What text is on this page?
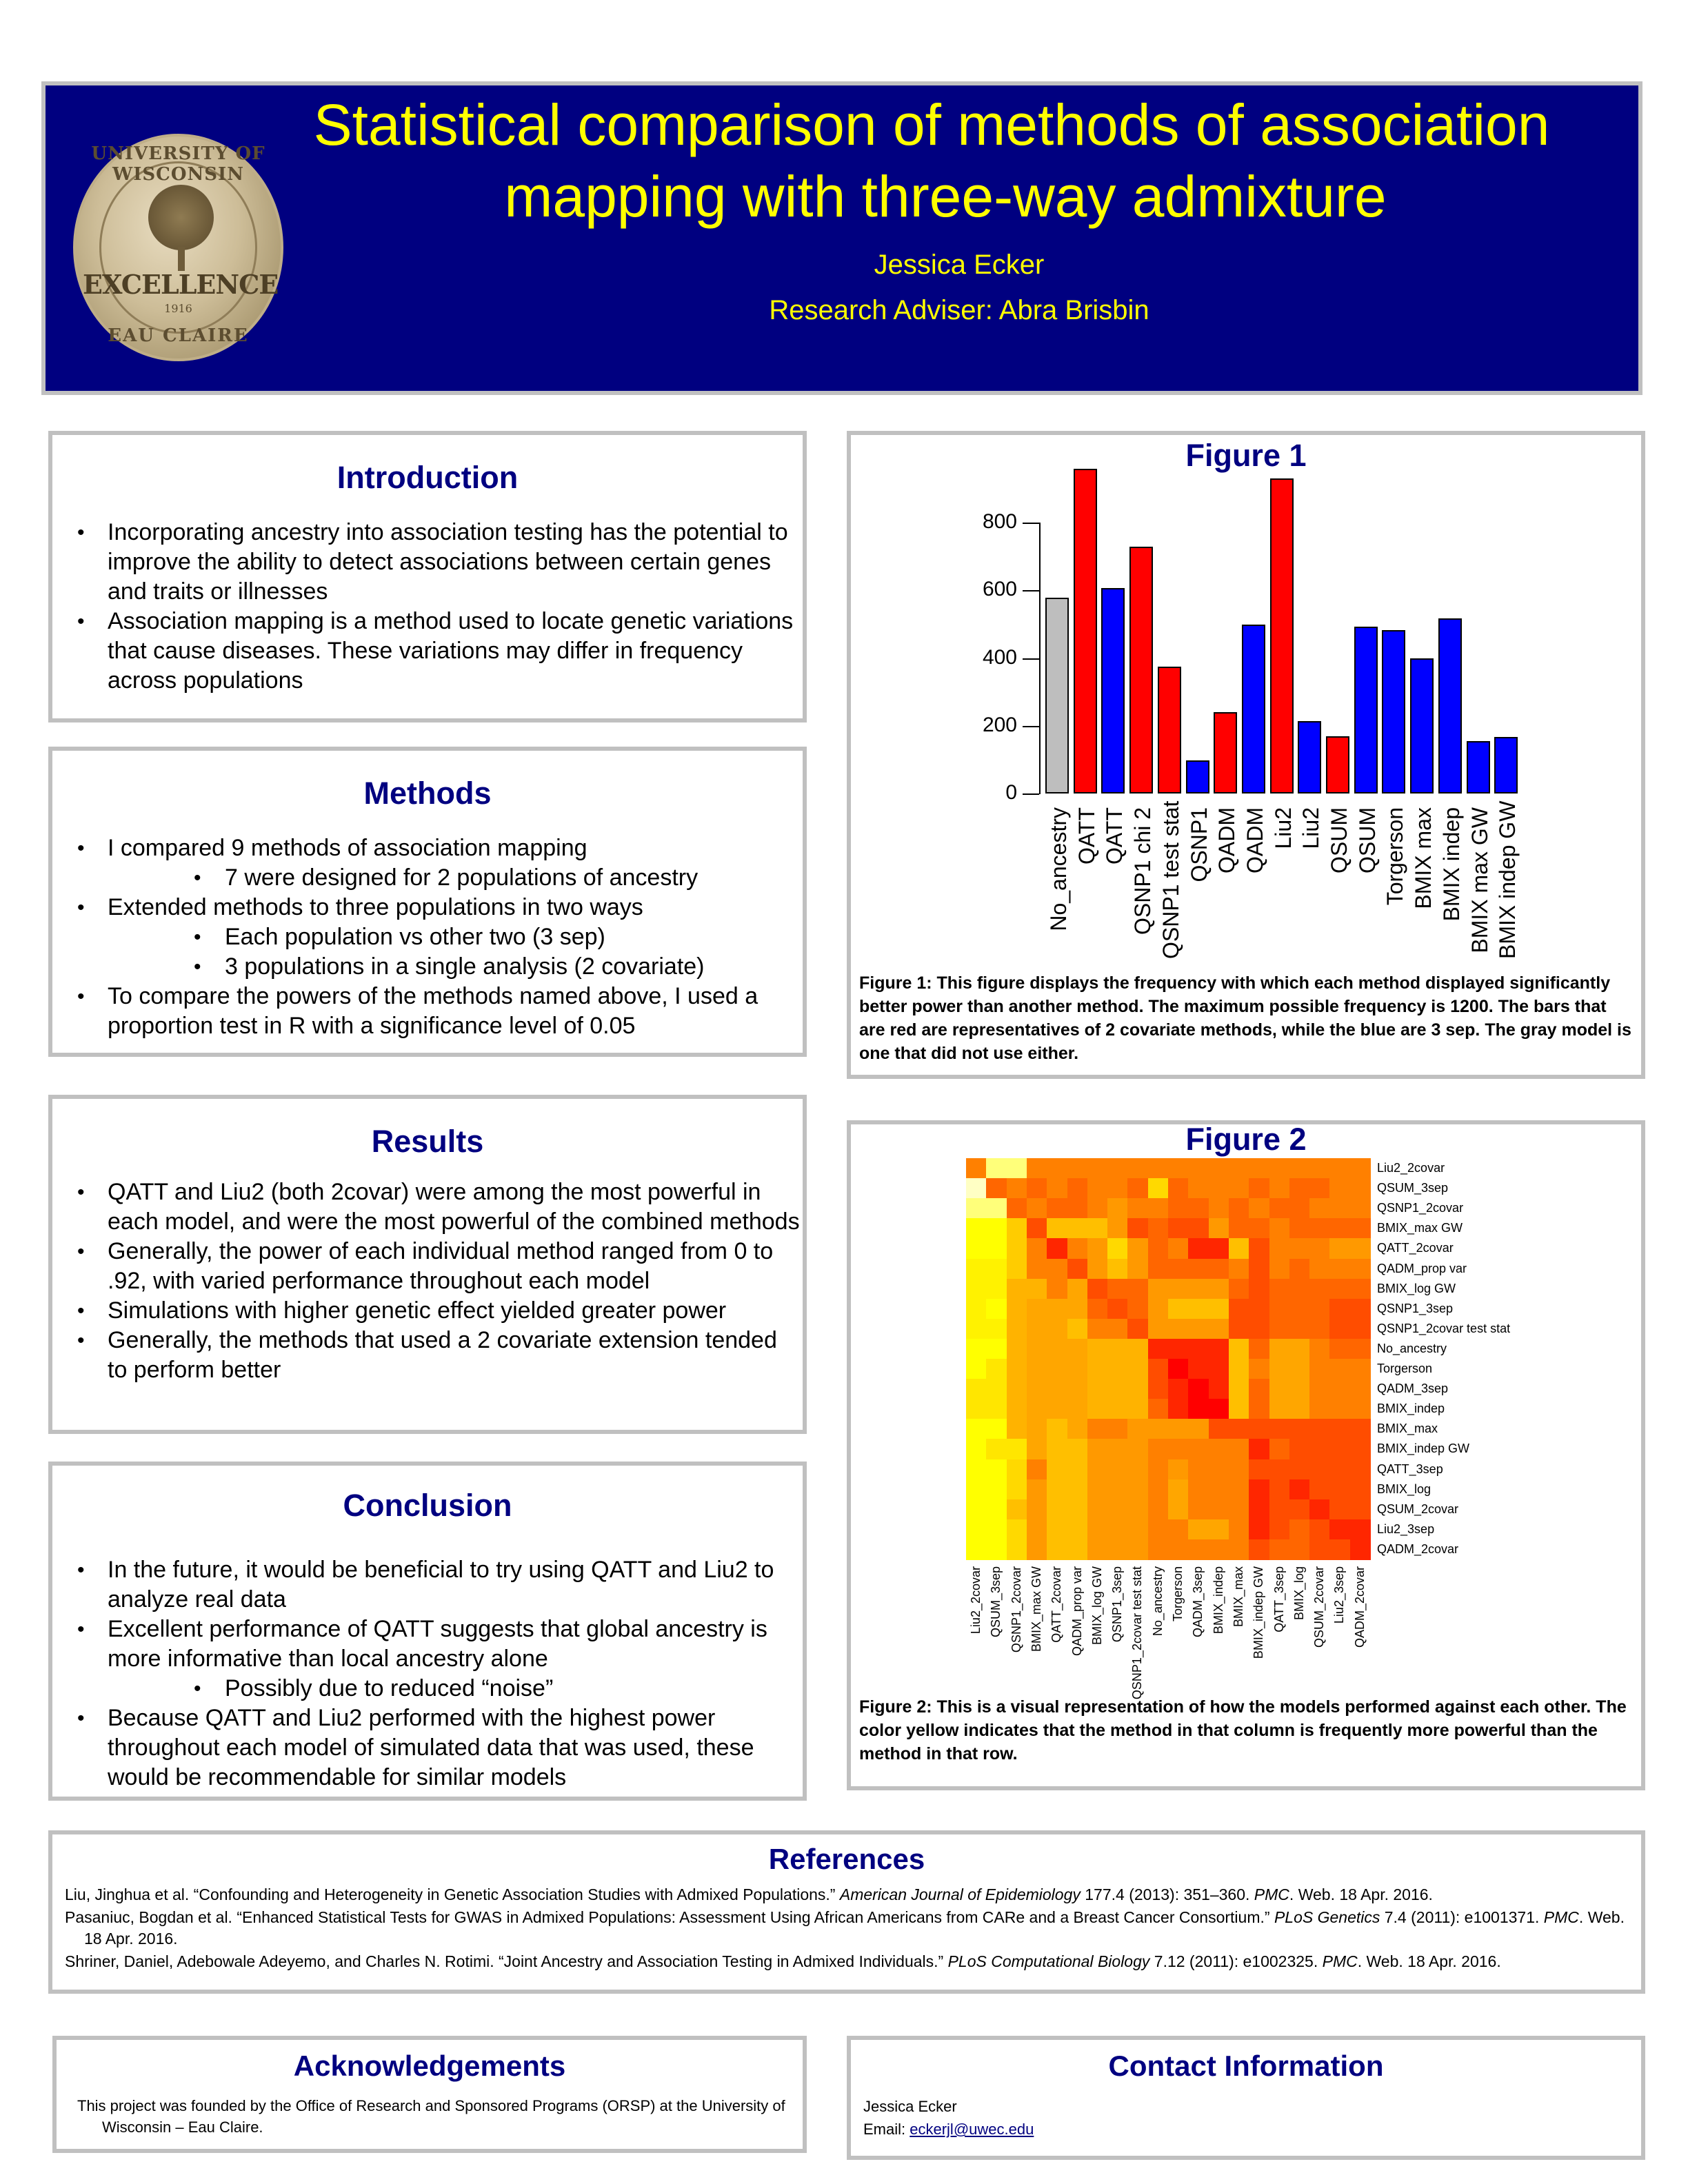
UNIVERSITY OF WISCONSIN
EXCELLENCE
1916
EAU CLAIRE
Statistical comparison of methods of association
mapping with three-way admixture
Jessica Ecker
Research Adviser: Abra Brisbin
Introduction
• Incorporating ancestry into association testing has the potential to improve the ability to detect associations between certain genes and traits or illnesses
• Association mapping is a method used to locate genetic variations that cause diseases. These variations may differ in frequency across populations
Methods
• I compared 9 methods of association mapping
• 7 were designed for 2 populations of ancestry
• Extended methods to three populations in two ways
• Each population vs other two (3 sep)
• 3 populations in a single analysis (2 covariate)
• To compare the powers of the methods named above, I used a proportion test in R with a significance level of 0.05
Results
• QATT and Liu2 (both 2covar) were among the most powerful in each model, and were the most powerful of the combined methods
• Generally, the power of each individual method ranged from 0 to .92, with varied performance throughout each model
• Simulations with higher genetic effect yielded greater power
• Generally, the methods that used a 2 covariate extension tended to perform better
Conclusion
• In the future, it would be beneficial to try using QATT and Liu2 to analyze real data
• Excellent performance of QATT suggests that global ancestry is more informative than local ancestry alone
• Possibly due to reduced “noise”
• Because QATT and Liu2 performed with the highest power throughout each model of simulated data that was used, these would be recommendable for similar models
Figure 1
0
200
400
600
800
No_ancestry QATT QATT QSNP1 chi 2 QSNP1 test stat QSNP1 QADM QADM Liu2 Liu2 QSUM QSUM Torgerson BMIX max BMIX indep BMIX max GW BMIX indep GW
Figure 1: This figure displays the frequency with which each method displayed significantly better power than another method. The maximum possible frequency is 1200. The bars that are red are representatives of 2 covariate methods, while the blue are 3 sep. The gray model is one that did not use either.
Figure 2
Liu2_2covar
QSUM_3sep
QSNP1_2covar
BMIX_max GW
QATT_2covar
QADM_prop var
BMIX_log GW
QSNP1_3sep
QSNP1_2covar test stat
No_ancestry
Torgerson
QADM_3sep
BMIX_indep
BMIX_max
BMIX_indep GW
QATT_3sep
BMIX_log
QSUM_2covar
Liu2_3sep
QADM_2covar
Liu2_2covar QSUM_3sep QSNP1_2covar BMIX_max GW QATT_2covar QADM_prop var BMIX_log GW QSNP1_3sep QSNP1_2covar test stat No_ancestry Torgerson QADM_3sep BMIX_indep BMIX_max BMIX_indep GW QATT_3sep BMIX_log QSUM_2covar Liu2_3sep QADM_2covar
Figure 2: This is a visual representation of how the models performed against each other. The color yellow indicates that the method in that column is frequently more powerful than the method in that row.
References
Liu, Jinghua et al. “Confounding and Heterogeneity in Genetic Association Studies with Admixed Populations.” American Journal of Epidemiology 177.4 (2013): 351–360. PMC. Web. 18 Apr. 2016.
Pasaniuc, Bogdan et al. “Enhanced Statistical Tests for GWAS in Admixed Populations: Assessment Using African Americans from CARe and a Breast Cancer Consortium.” PLoS Genetics 7.4 (2011): e1001371. PMC. Web. 18 Apr. 2016.
Shriner, Daniel, Adebowale Adeyemo, and Charles N. Rotimi. “Joint Ancestry and Association Testing in Admixed Individuals.” PLoS Computational Biology 7.12 (2011): e1002325. PMC. Web. 18 Apr. 2016.
Acknowledgements
This project was founded by the Office of Research and Sponsored Programs (ORSP) at the University of Wisconsin – Eau Claire.
Contact Information
Jessica Ecker
Email: eckerjl@uwec.edu
